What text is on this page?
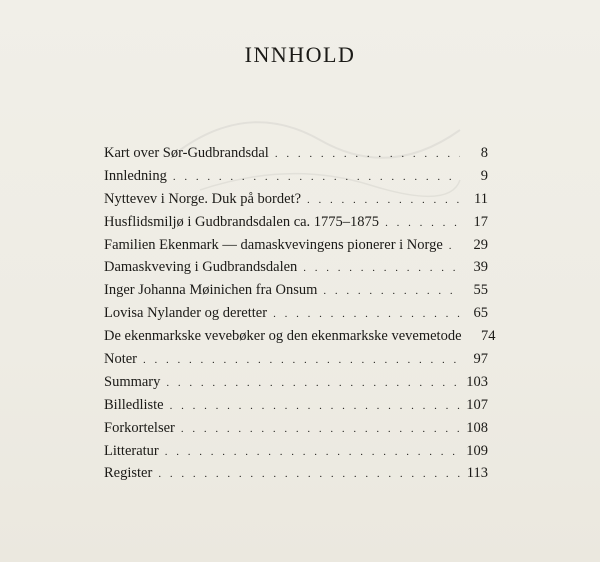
INNHOLD
Kart over Sør-Gudbrandsdal . . .	8
Innledning . . .	9
Nyttevev i Norge. Duk på bordet? . . .	11
Husflidsmiljø i Gudbrandsdalen ca. 1775–1875 . . .	17
Familien Ekenmark — damaskvevingens pionerer i Norge . . .	29
Damaskveving i Gudbrandsdalen . . .	39
Inger Johanna Møinichen fra Onsum . . .	55
Lovisa Nylander og deretter . . .	65
De ekenmarkske vevebøker og den ekenmarkske vevemetode	74
Noter . . .	97
Summary . . .	103
Billedliste . . .	107
Forkortelser . . .	108
Litteratur . . .	109
Register . . .	113
